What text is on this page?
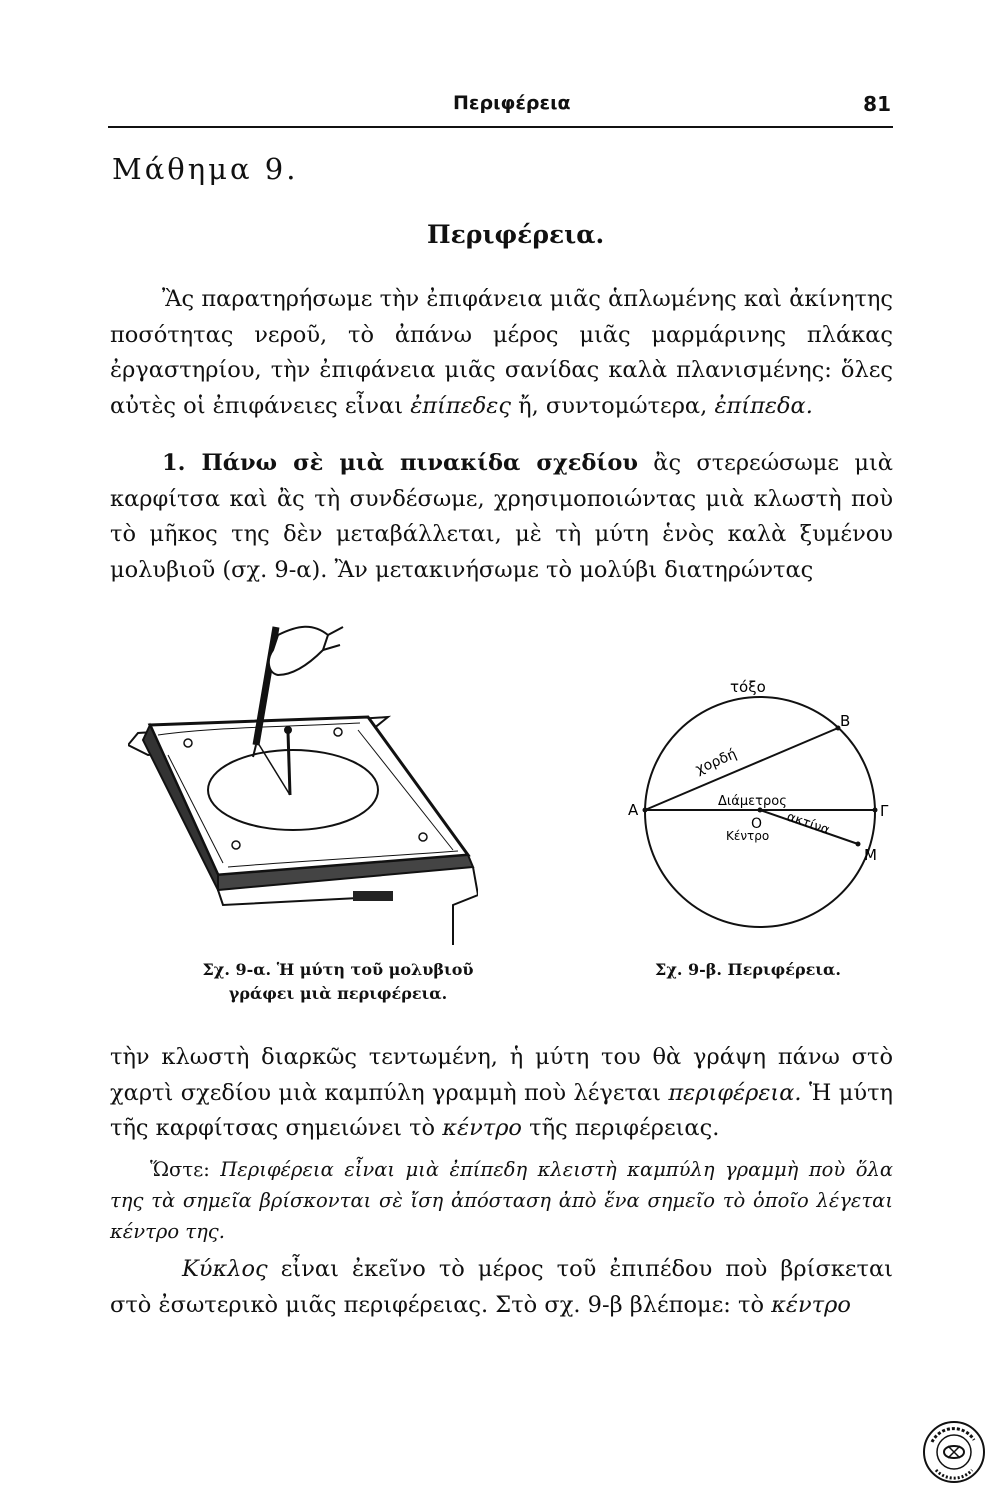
Περιφέρεια	81
Μάθημα 9.
Περιφέρεια.

Ἂς παρατηρήσωμε τὴν ἐπιφάνεια μιᾶς ἁπλωμένης καὶ ἀκίνητης ποσότητας νεροῦ, τὸ ἀπάνω μέρος μιᾶς μαρμάρινης πλάκας ἐργαστηρίου, τὴν ἐπιφάνεια μιᾶς σανίδας καλὰ πλανισμένης: ὅλες αὐτὲς οἱ ἐπιφάνειες εἶναι ἐπίπεδες ἤ, συντομώτερα, ἐπίπεδα.

1. Πάνω σὲ μιὰ πινακίδα σχεδίου ἂς στερεώσωμε μιὰ καρφίτσα καὶ ἂς τὴ συνδέσωμε, χρησιμοποιώντας μιὰ κλωστὴ ποὺ τὸ μῆκος της δὲν μεταβάλλεται, μὲ τὴ μύτη ἑνὸς καλὰ ξυμένου μολυβιοῦ (σχ. 9-α). Ἂν μετακινήσωμε τὸ μολύβι διατηρώντας

τόξο
χορδή
Διάμετρος
Ο
Κέντρο ακτίνα
Α
Β
Γ
Μ
Σχ. 9-α. Ἡ μύτη τοῦ μολυβιοῦ
γράφει μιὰ περιφέρεια.
Σχ. 9-β. Περιφέρεια.

τὴν κλωστὴ διαρκῶς τεντωμένη, ἡ μύτη του θὰ γράψη πάνω στὸ χαρτὶ σχεδίου μιὰ καμπύλη γραμμὴ ποὺ λέγεται περιφέρεια. Ἡ μύτη τῆς καρφίτσας σημειώνει τὸ κέντρο τῆς περιφέρειας.

Ὥστε: Περιφέρεια εἶναι μιὰ ἐπίπεδη κλειστὴ καμπύλη γραμμὴ ποὺ ὅλα της τὰ σημεῖα βρίσκονται σὲ ἴση ἀπόσταση ἀπὸ ἕνα σημεῖο τὸ ὁποῖο λέγεται κέντρο της.

Κύκλος εἶναι ἐκεῖνο τὸ μέρος τοῦ ἐπιπέδου ποὺ βρίσκεται στὸ ἐσωτερικὸ μιᾶς περιφέρειας. Στὸ σχ. 9-β βλέπομε: τὸ κέντρο
